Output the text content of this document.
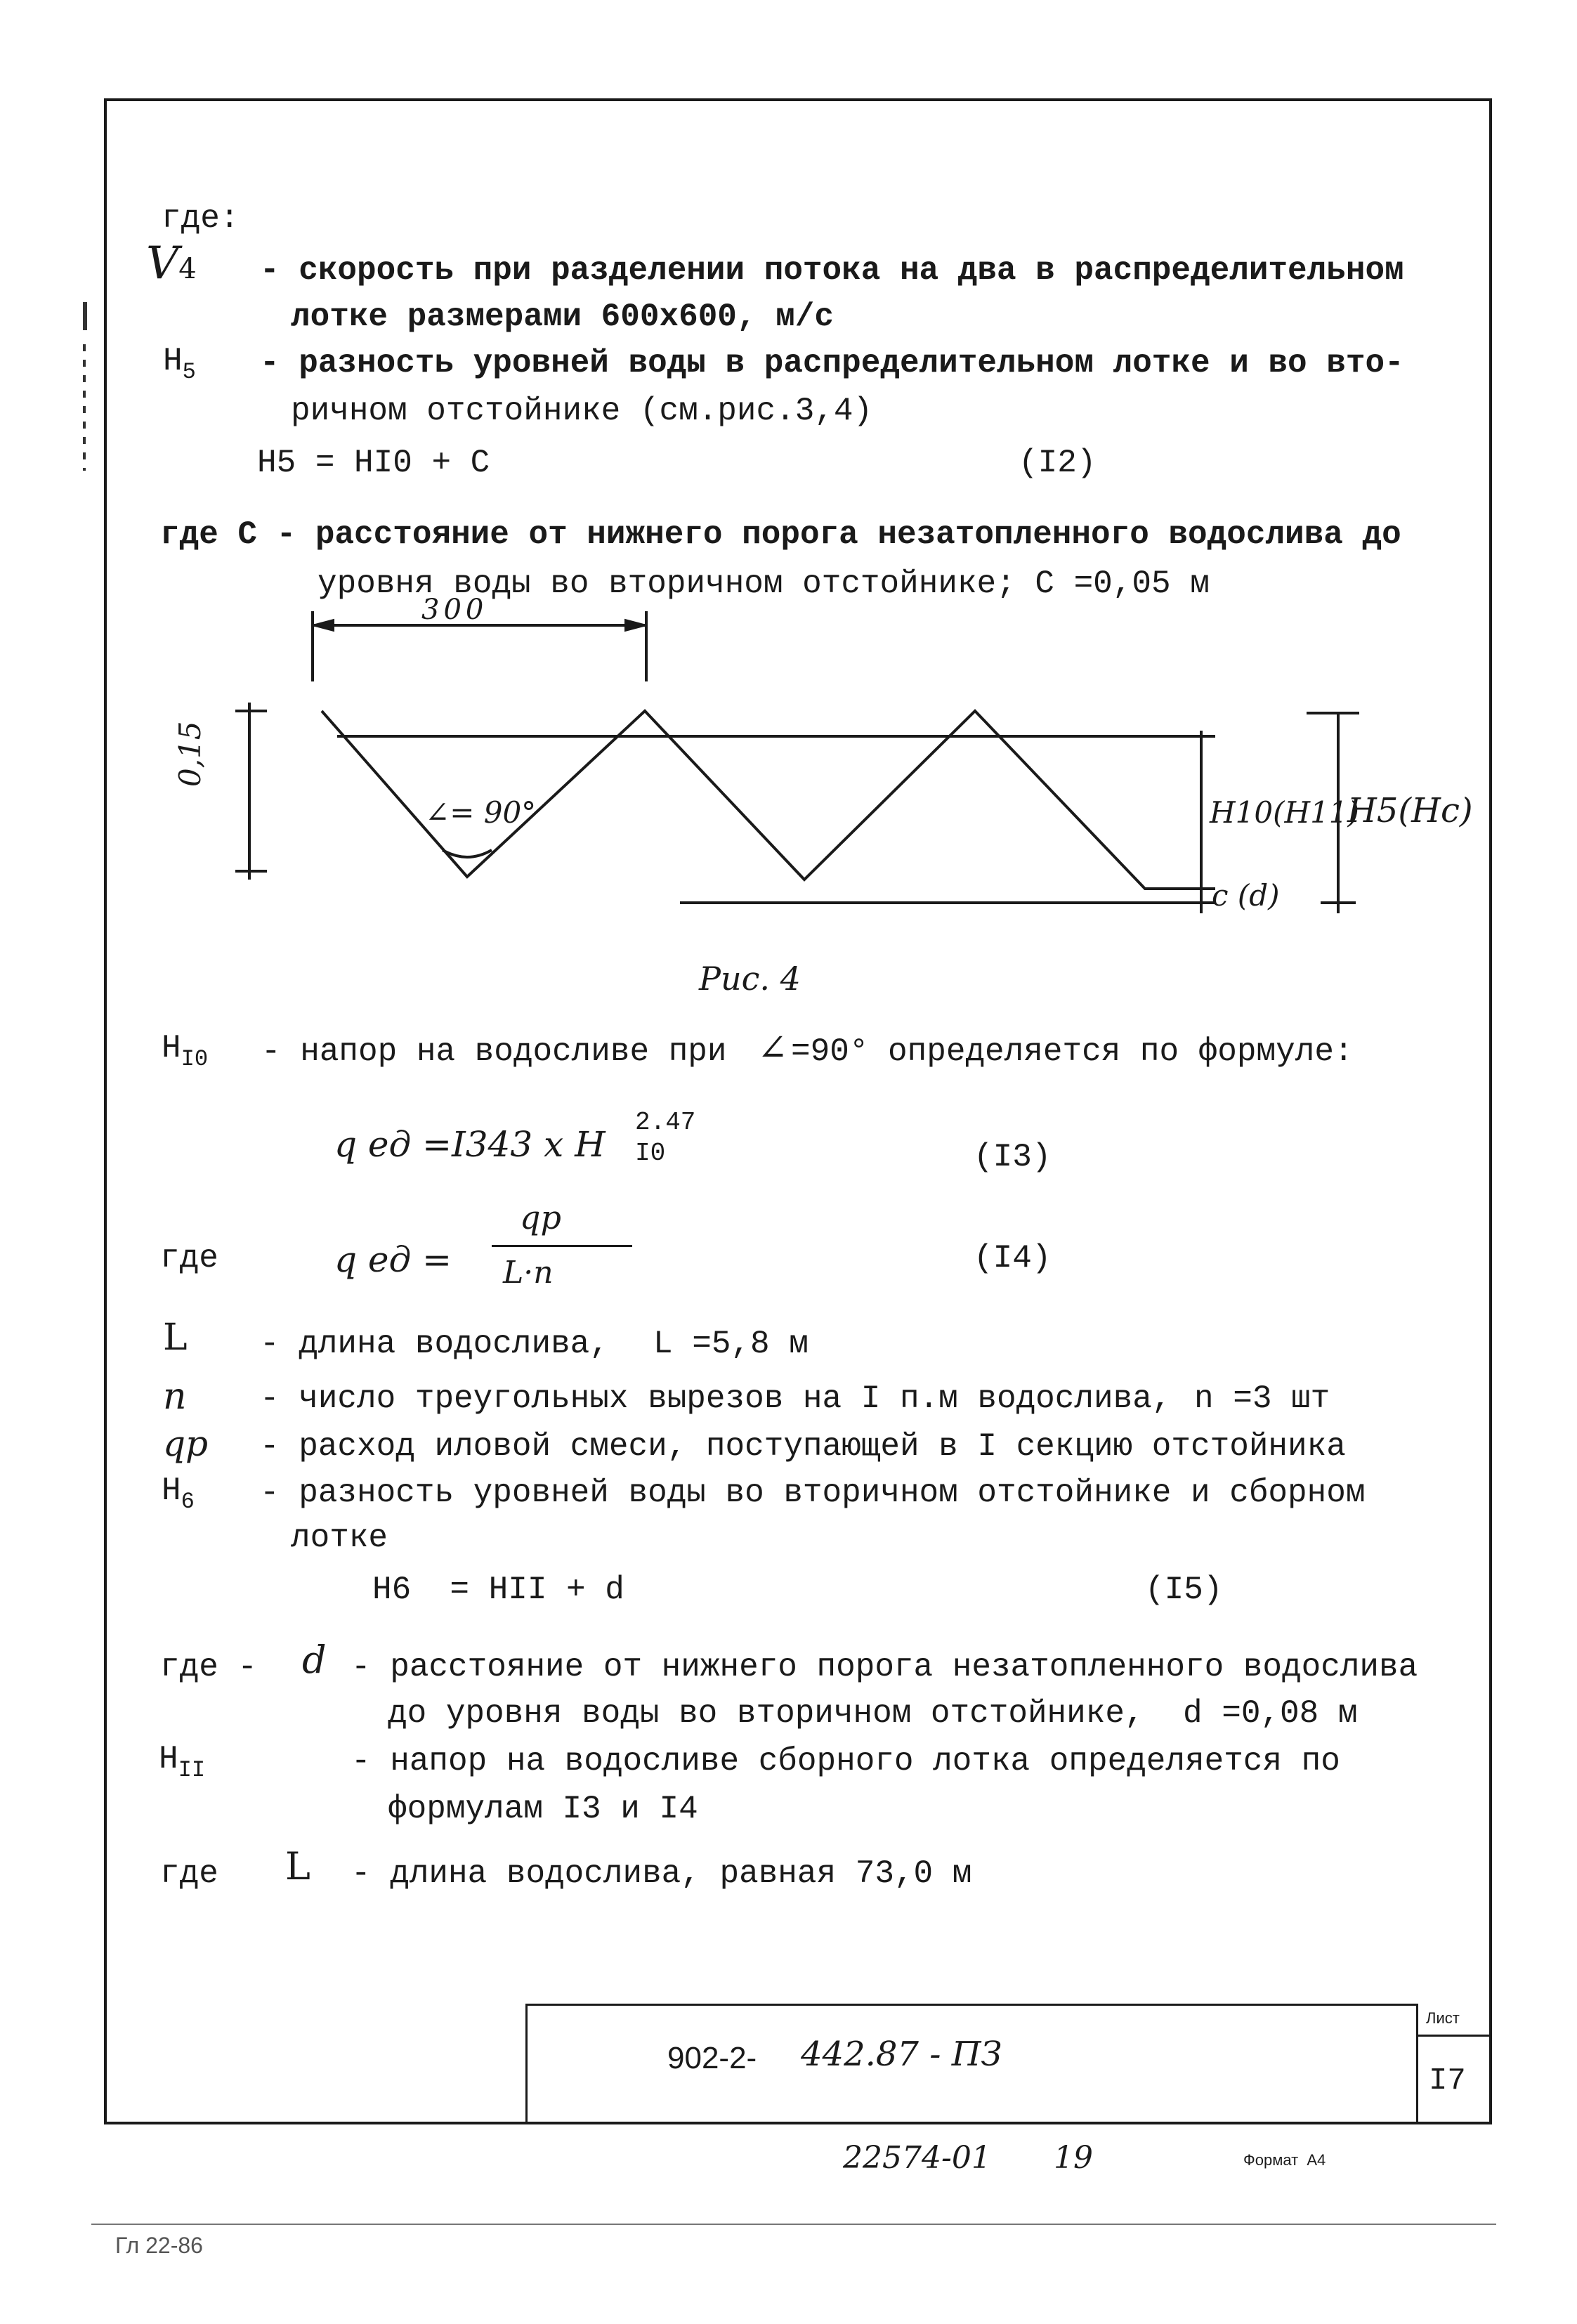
где:
V4 - скорость при разделении потока на два в распределительном
лотке размерами 600x600, м/с
$H_5$ - разность уровней воды в распределительном лотке и во вто-
ричном отстойнике (см.рис.3,4)
H5 = HI0 + C	(I2)
где С - расстояние от нижнего порога незатопленного водослива до
уровня воды во вторичном отстойнике; С =0,05 м
300
0,15
∠= 90°	H10(H11)
H5(Hc)
c (d)
Рис. 4
$H_{I0}$ - напор на водосливе при ∠ =90° определяется по формуле:
q ед =I343 x H
2.47
I0	(I3)
где	q ед =
qр
L·n	(I4)
L - длина водослива, L =5,8 м
n - число треугольных вырезов на I п.м водослива, n =3 шт
qр - расход иловой смеси, поступающей в I секцию отстойника
$H_6$ - разность уровней воды во вторичном отстойнике и сборном
лотке
H6  = HII + d	(I5)
где - d - расстояние от нижнего порога незатопленного водослива
до уровня воды во вторичном отстойнике, d =0,08 м
$H_{II}$	- напор на водосливе сборного лотка определяется по
формулам I3 и I4
где L - длина водослива, равная 73,0 м
902-2- 442.87 - ПЗ
Лист
I7
22574-01 19	Формат  А4
Гл 22-86
